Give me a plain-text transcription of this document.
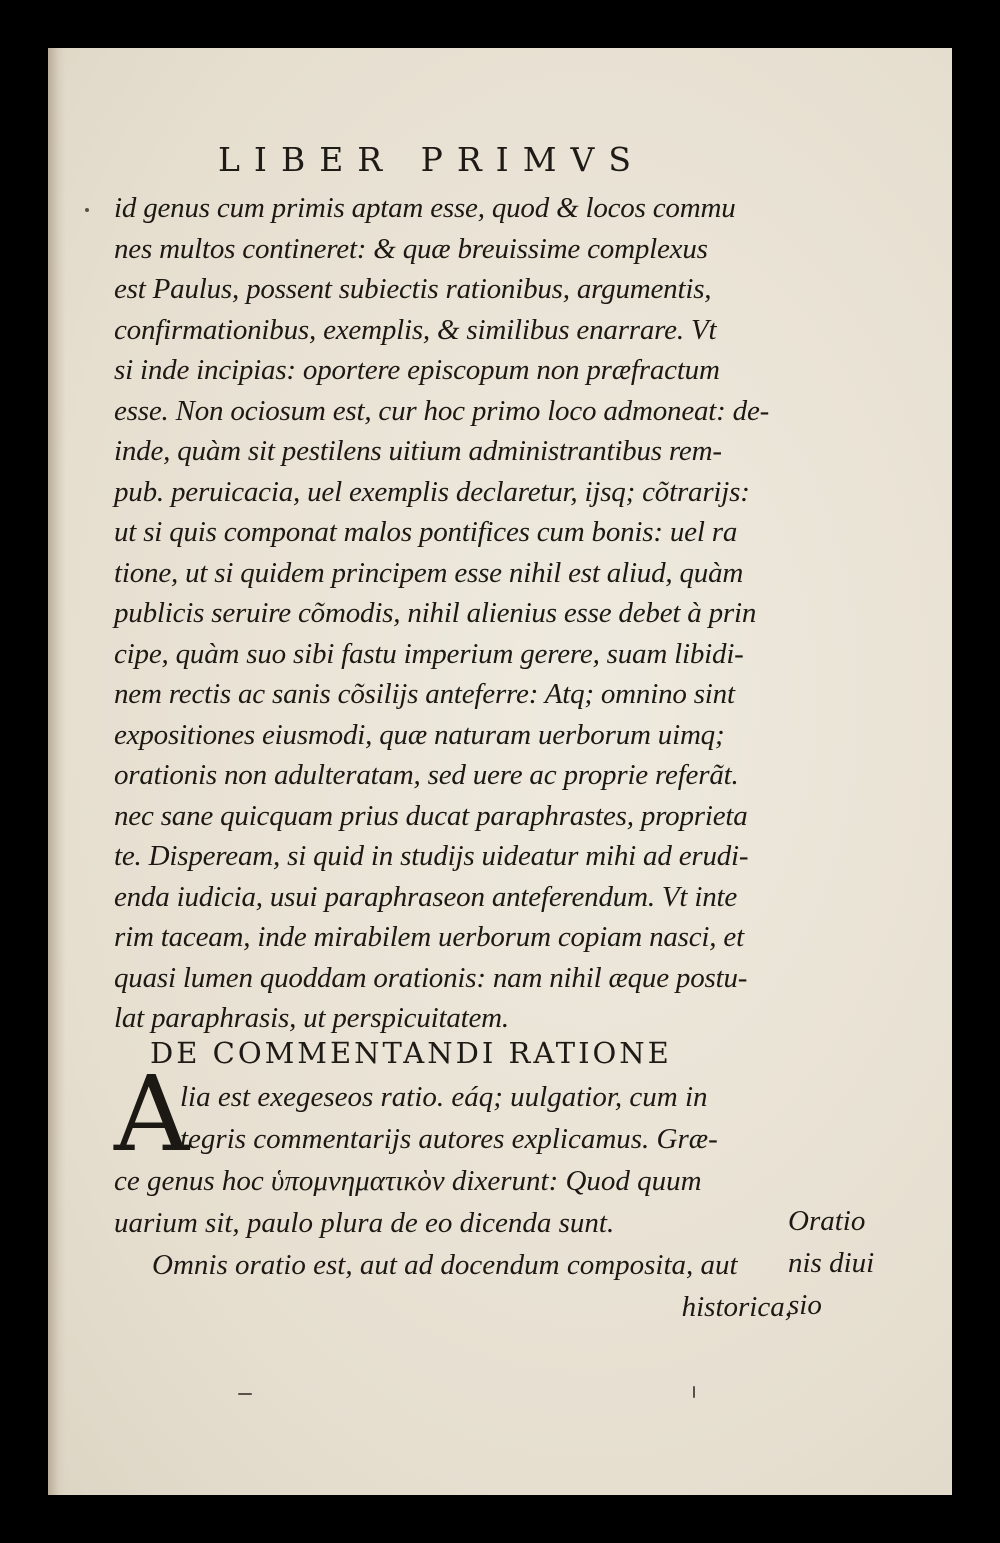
LIBER PRIMVS
id genus cum primis aptam esse, quod & locos commu
nes multos contineret: & quæ breuissime complexus
est Paulus, possent subiectis rationibus, argumentis,
confirmationibus, exemplis, & similibus enarrare. Vt
si inde incipias: oportere episcopum non præfractum
esse. Non ociosum est, cur hoc primo loco admoneat: de-
inde, quàm sit pestilens uitium administrantibus rem-
pub. peruicacia, uel exemplis declaretur, ijsq; cõtrarijs:
ut si quis componat malos pontifices cum bonis: uel ra
tione, ut si quidem principem esse nihil est aliud, quàm
publicis seruire cõmodis, nihil alienius esse debet à prin
cipe, quàm suo sibi fastu imperium gerere, suam libidi-
nem rectis ac sanis cõsilijs anteferre: Atq; omnino sint
expositiones eiusmodi, quæ naturam uerborum uimq;
orationis non adulteratam, sed uere ac proprie referãt.
nec sane quicquam prius ducat paraphrastes, proprieta
te. Dispeream, si quid in studijs uideatur mihi ad erudi-
enda iudicia, usui paraphraseon anteferendum. Vt inte
rim taceam, inde mirabilem uerborum copiam nasci, et
quasi lumen quoddam orationis: nam nihil æque postu-
lat paraphrasis, ut perspicuitatem.
DE COMMENTANDI RATIONE
A
lia est exegeseos ratio. eáq; uulgatior, cum in
tegris commentarijs autores explicamus. Græ-
ce genus hoc ὑπομνηματικὸν dixerunt: Quod quum
uarium sit, paulo plura de eo dicenda sunt.
Omnis oratio est, aut ad docendum composita, aut
historica,
Oratio
nis diui
sio
